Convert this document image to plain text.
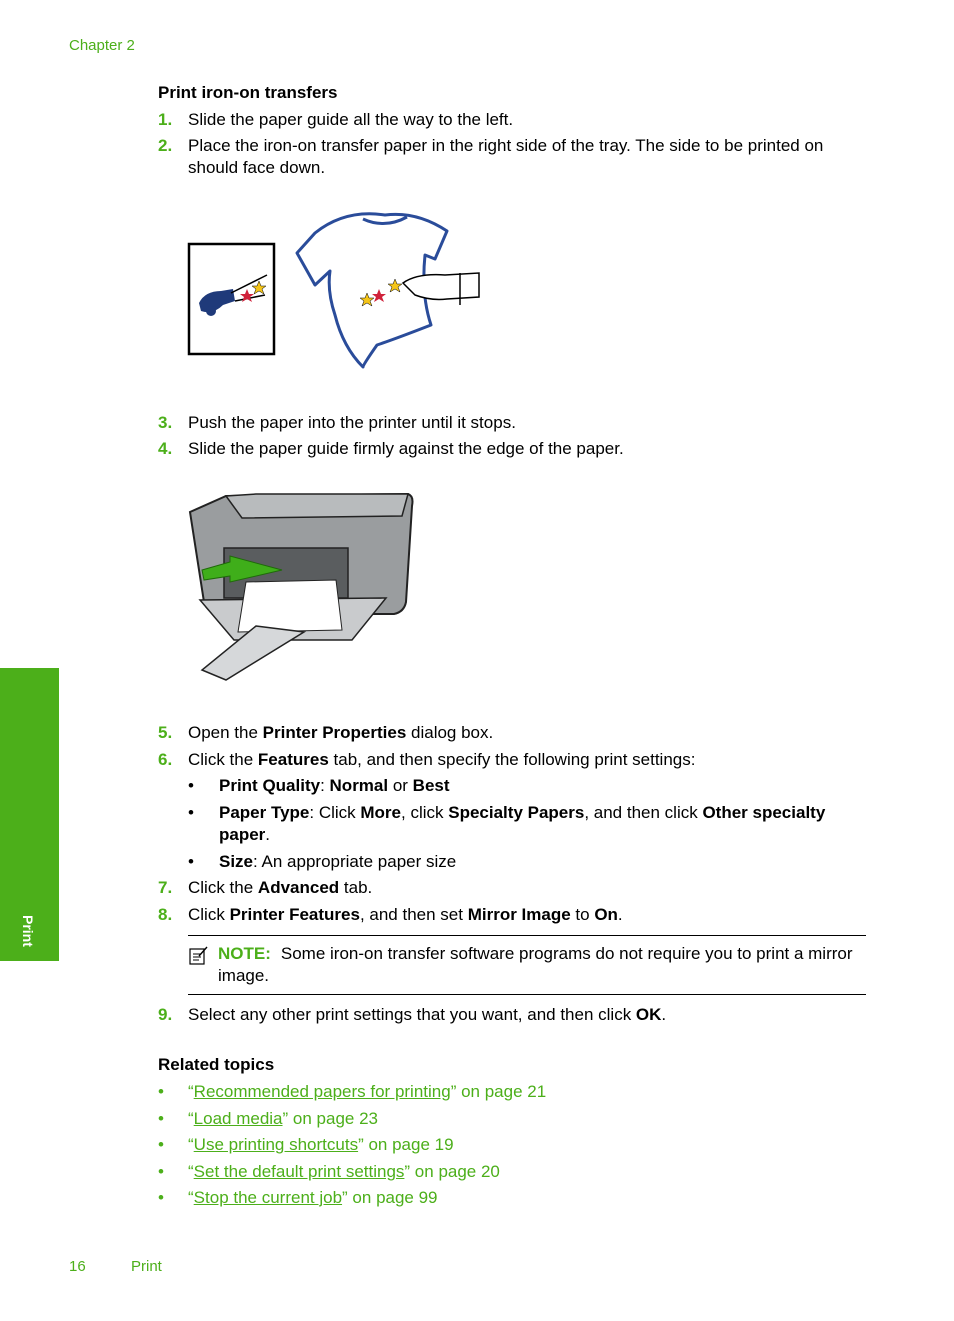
Chapter 2
Print iron-on transfers
1. Slide the paper guide all the way to the left.
2. Place the iron-on transfer paper in the right side of the tray. The side to be printed on should face down.
3. Push the paper into the printer until it stops.
4. Slide the paper guide firmly against the edge of the paper.
5. Open the Printer Properties dialog box.
6. Click the Features tab, and then specify the following print settings:
• Print Quality: Normal or Best
• Paper Type: Click More, click Specialty Papers, and then click Other specialty paper.
• Size: An appropriate paper size
7. Click the Advanced tab.
8. Click Printer Features, and then set Mirror Image to On.
NOTE: Some iron-on transfer software programs do not require you to print a mirror image.
9. Select any other print settings that you want, and then click OK.
Related topics
• “Recommended papers for printing” on page 21
• “Load media” on page 23
• “Use printing shortcuts” on page 19
• “Set the default print settings” on page 20
• “Stop the current job” on page 99
Print
16	Print
